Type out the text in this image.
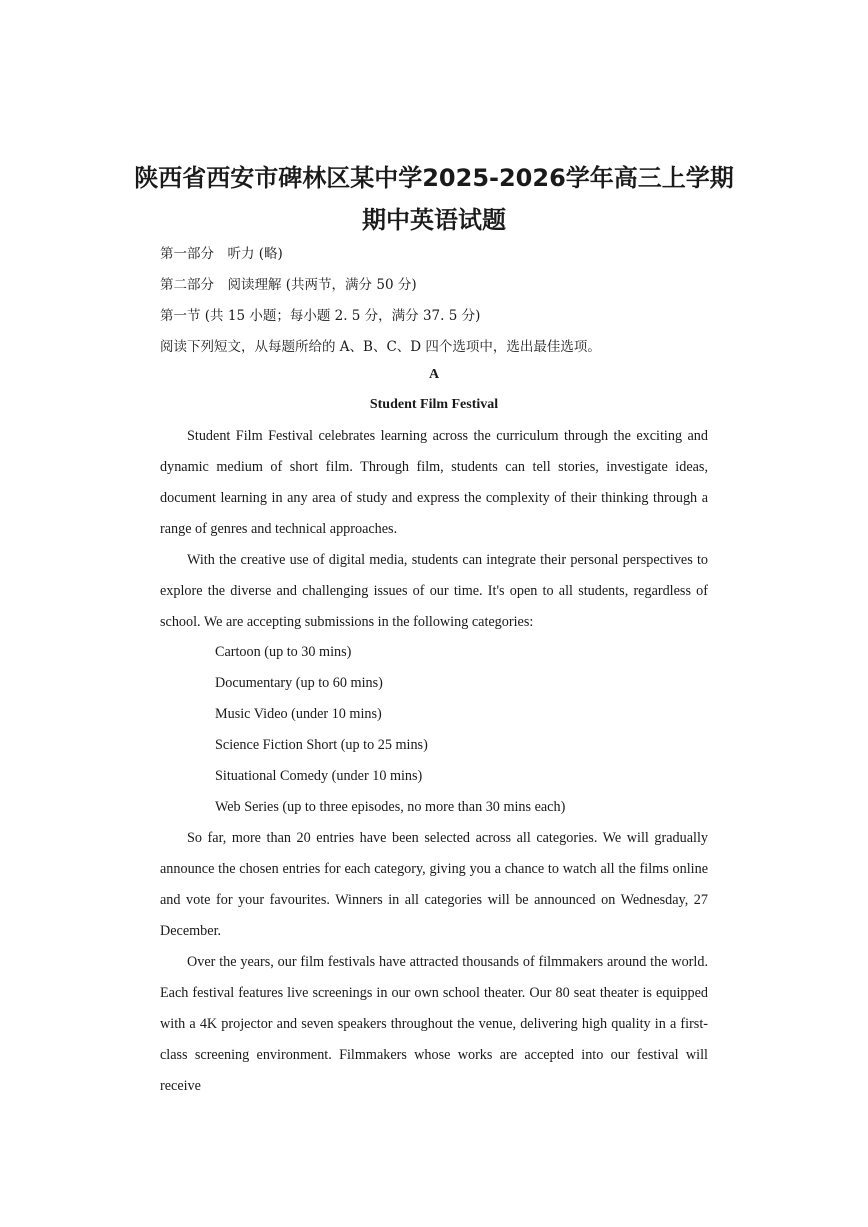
陕西省西安市碑林区某中学2025-2026学年高三上学期
期中英语试题
第一部分　听力 (略)
第二部分　阅读理解 (共两节，满分 50 分)
第一节 (共 15 小题；每小题 2. 5 分，满分 37. 5 分)
阅读下列短文，从每题所给的 A、B、C、D 四个选项中，选出最佳选项。
A
Student Film Festival
Student Film Festival celebrates learning across the curriculum through the exciting and dynamic medium of short film. Through film, students can tell stories, investigate ideas, document learning in any area of study and express the complexity of their thinking through a range of genres and technical approaches.
With the creative use of digital media, students can integrate their personal perspectives to explore the diverse and challenging issues of our time. It's open to all students, regardless of school. We are accepting submissions in the following categories:
Cartoon (up to 30 mins)
Documentary (up to 60 mins)
Music Video (under 10 mins)
Science Fiction Short (up to 25 mins)
Situational Comedy (under 10 mins)
Web Series (up to three episodes, no more than 30 mins each)
So far, more than 20 entries have been selected across all categories. We will gradually announce the chosen entries for each category, giving you a chance to watch all the films online and vote for your favourites. Winners in all categories will be announced on Wednesday, 27 December.
Over the years, our film festivals have attracted thousands of filmmakers around the world. Each festival features live screenings in our own school theater. Our 80 seat theater is equipped with a 4K projector and seven speakers throughout the venue, delivering high quality in a first-class screening environment. Filmmakers whose works are accepted into our festival will receive
